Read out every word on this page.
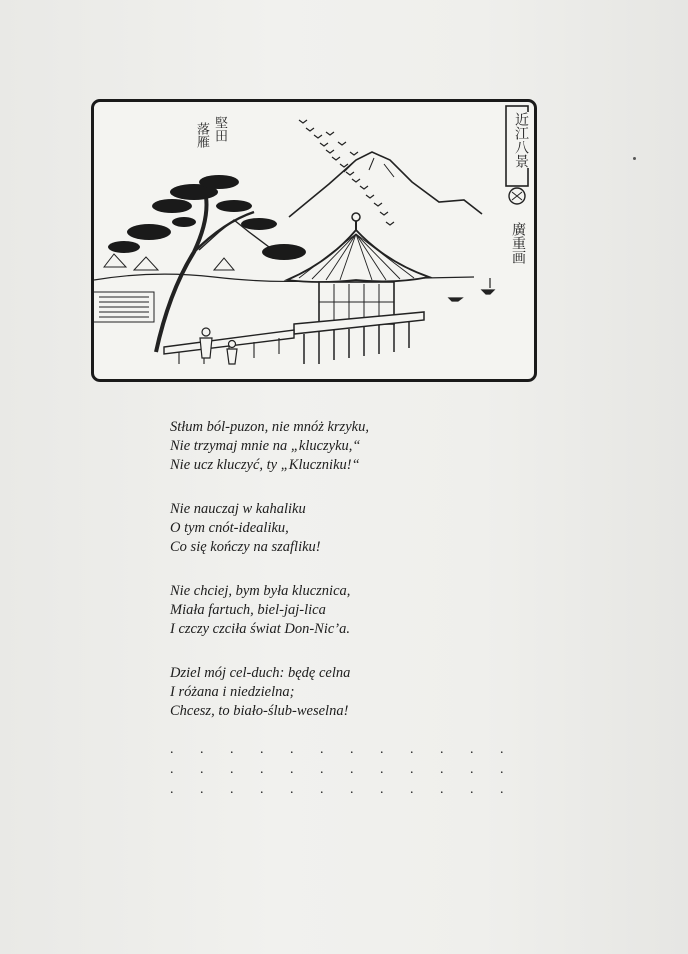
堅田
落雁
廣重画
近江八景
Stłum ból-puzon, nie mnóż krzyku,
Nie trzymaj mnie na „kluczyku,“
Nie ucz kluczyć, ty „Kluczniku!“
Nie nauczaj w kahaliku
O tym cnót-idealiku,
Co się kończy na szafliku!
Nie chciej, bym była klucznica,
Miała fartuch, biel-jaj-lica
I czczy czciła świat Don-Nic’a.
Dziel mój cel-duch: będę celna
I różana i niedzielna;
Chcesz, to biało-ślub-weselna!
. . . . . . . . . . . .
. . . . . . . . . . . .
. . . . . . . . . . . .
